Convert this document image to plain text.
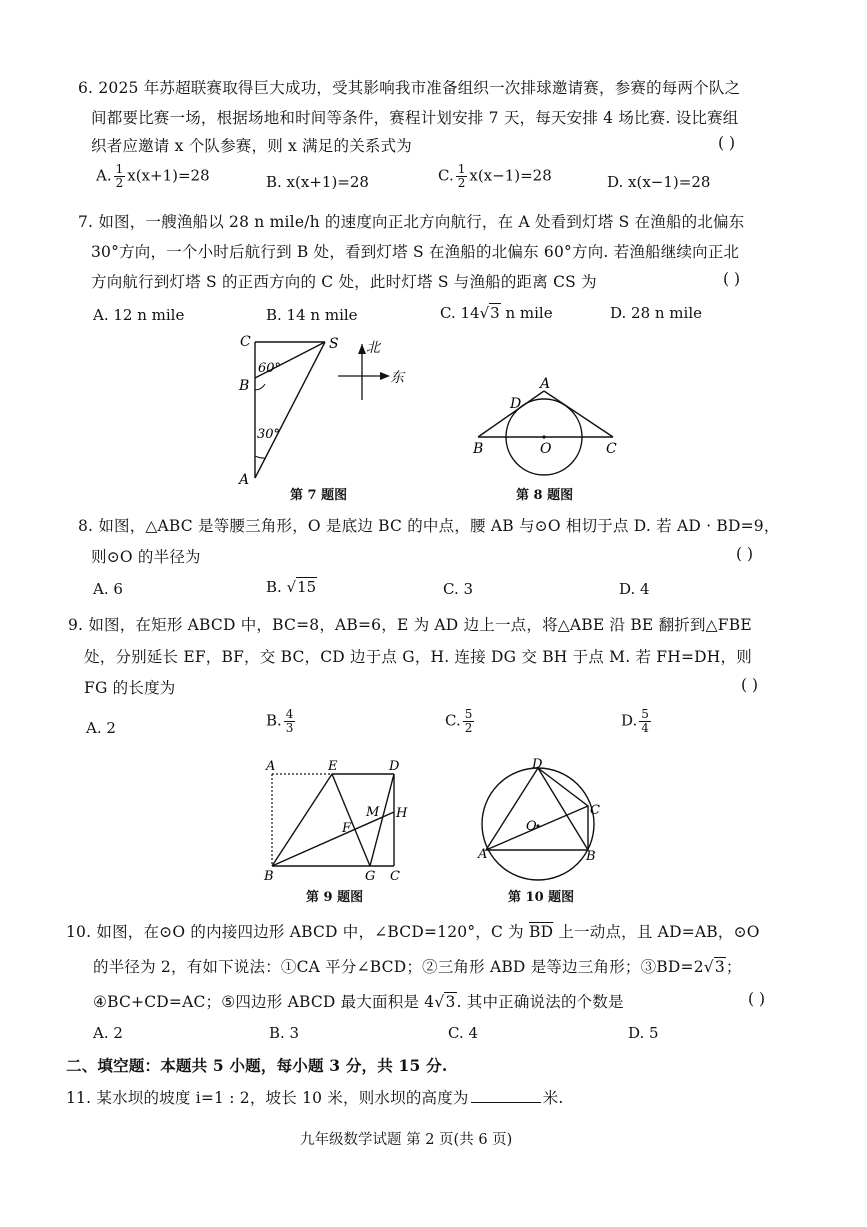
6. 2025 年苏超联赛取得巨大成功，受其影响我市准备组织一次排球邀请赛，参赛的每两个队之
间都要比赛一场，根据场地和时间等条件，赛程计划安排 7 天，每天安排 4 场比赛. 设比赛组
织者应邀请 x 个队参赛，则 x 满足的关系式为	( )
A. $\frac{1}{2} x(x+1)=28$	B. x(x+1)=28	C. $\frac{1}{2} x(x-1)=28$	D. x(x−1)=28
7. 如图，一艘渔船以 28 n mile/h 的速度向正北方向航行，在 A 处看到灯塔 S 在渔船的北偏东
30°方向，一个小时后航行到 B 处，看到灯塔 S 在渔船的北偏东 60°方向. 若渔船继续向正北
方向航行到灯塔 S 的正西方向的 C 处，此时灯塔 S 与渔船的距离 CS 为	( )
A. 12 n mile	B. 14 n mile	C. 14√3 n mile	D. 28 n mile
C	S
B
A
60°
30°
北
东
第 7 题图
A
D
B	O	C
第 8 题图
8. 如图，△ABC 是等腰三角形，O 是底边 BC 的中点，腰 AB 与⊙O 相切于点 D. 若 AD · BD=9，
则⊙O 的半径为	( )
A. 6	B. √15	C. 3	D. 4
9. 如图，在矩形 ABCD 中，BC=8，AB=6，E 为 AD 边上一点，将△ABE 沿 BE 翻折到△FBE
处，分别延长 EF，BF，交 BC，CD 边于点 G，H. 连接 DG 交 BH 于点 M. 若 FH=DH，则
FG 的长度为	( )
A. 2	B. $\frac{4}{3}$	C. $\frac{5}{2}$	D. $\frac{5}{4}$
A	E	D
M H
F
B	G C
第 9 题图
D
C
O
A	B
第 10 题图
10. 如图，在⊙O 的内接四边形 ABCD 中，∠BCD=120°，C 为 $\overline{BD}$ 上一动点，且 AD=AB，⊙O
的半径为 2，有如下说法：①CA 平分∠BCD；②三角形 ABD 是等边三角形；③BD=2√3；
④BC+CD=AC；⑤四边形 ABCD 最大面积是 4√3. 其中正确说法的个数是	( )
A. 2	B. 3	C. 4	D. 5
二、填空题：本题共 5 小题，每小题 3 分，共 15 分.
11. 某水坝的坡度 i=1 : 2，坡长 10 米，则水坝的高度为	米.
九年级数学试题 第 2 页(共 6 页)
